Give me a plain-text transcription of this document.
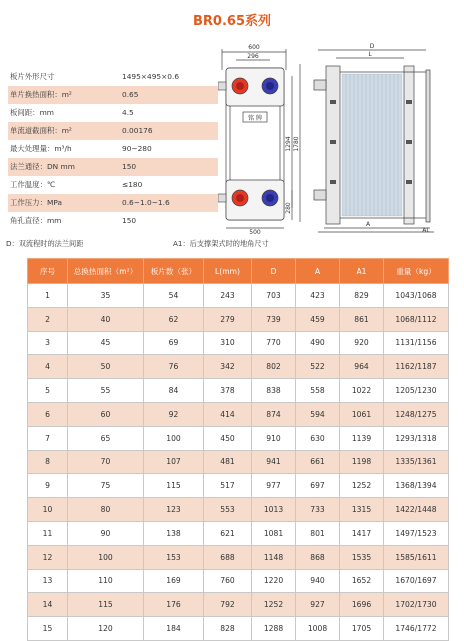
BR0.65系列
板片外形尺寸	1495×495×0.6
单片换热面积：m²	0.65
板间距：mm	4.5
单流道截面积：m²	0.00176
最大处理量：m³/h	90~280
法兰通径：DN mm	150
工作温度：℃	≤180
工作压力：MPa	0.6~1.0~1.6
角孔直径：mm	150
600
296
铭 牌
500
1294 1780
280
D
L
A
AL
D：双流程时的法兰间距	A1：后支撑架式时的地角尺寸
序号	总换热面积（m²）	板片数（张）	L(mm)	D	A	A1	重量（kg）
1	35	54	243	703	423	829	1043/1068
2	40	62	279	739	459	861	1068/1112
3	45	69	310	770	490	920	1131/1156
4	50	76	342	802	522	964	1162/1187
5	55	84	378	838	558	1022	1205/1230
6	60	92	414	874	594	1061	1248/1275
7	65	100	450	910	630	1139	1293/1318
8	70	107	481	941	661	1198	1335/1361
9	75	115	517	977	697	1252	1368/1394
10	80	123	553	1013	733	1315	1422/1448
11	90	138	621	1081	801	1417	1497/1523
12	100	153	688	1148	868	1535	1585/1611
13	110	169	760	1220	940	1652	1670/1697
14	115	176	792	1252	927	1696	1702/1730
15	120	184	828	1288	1008	1705	1746/1772
